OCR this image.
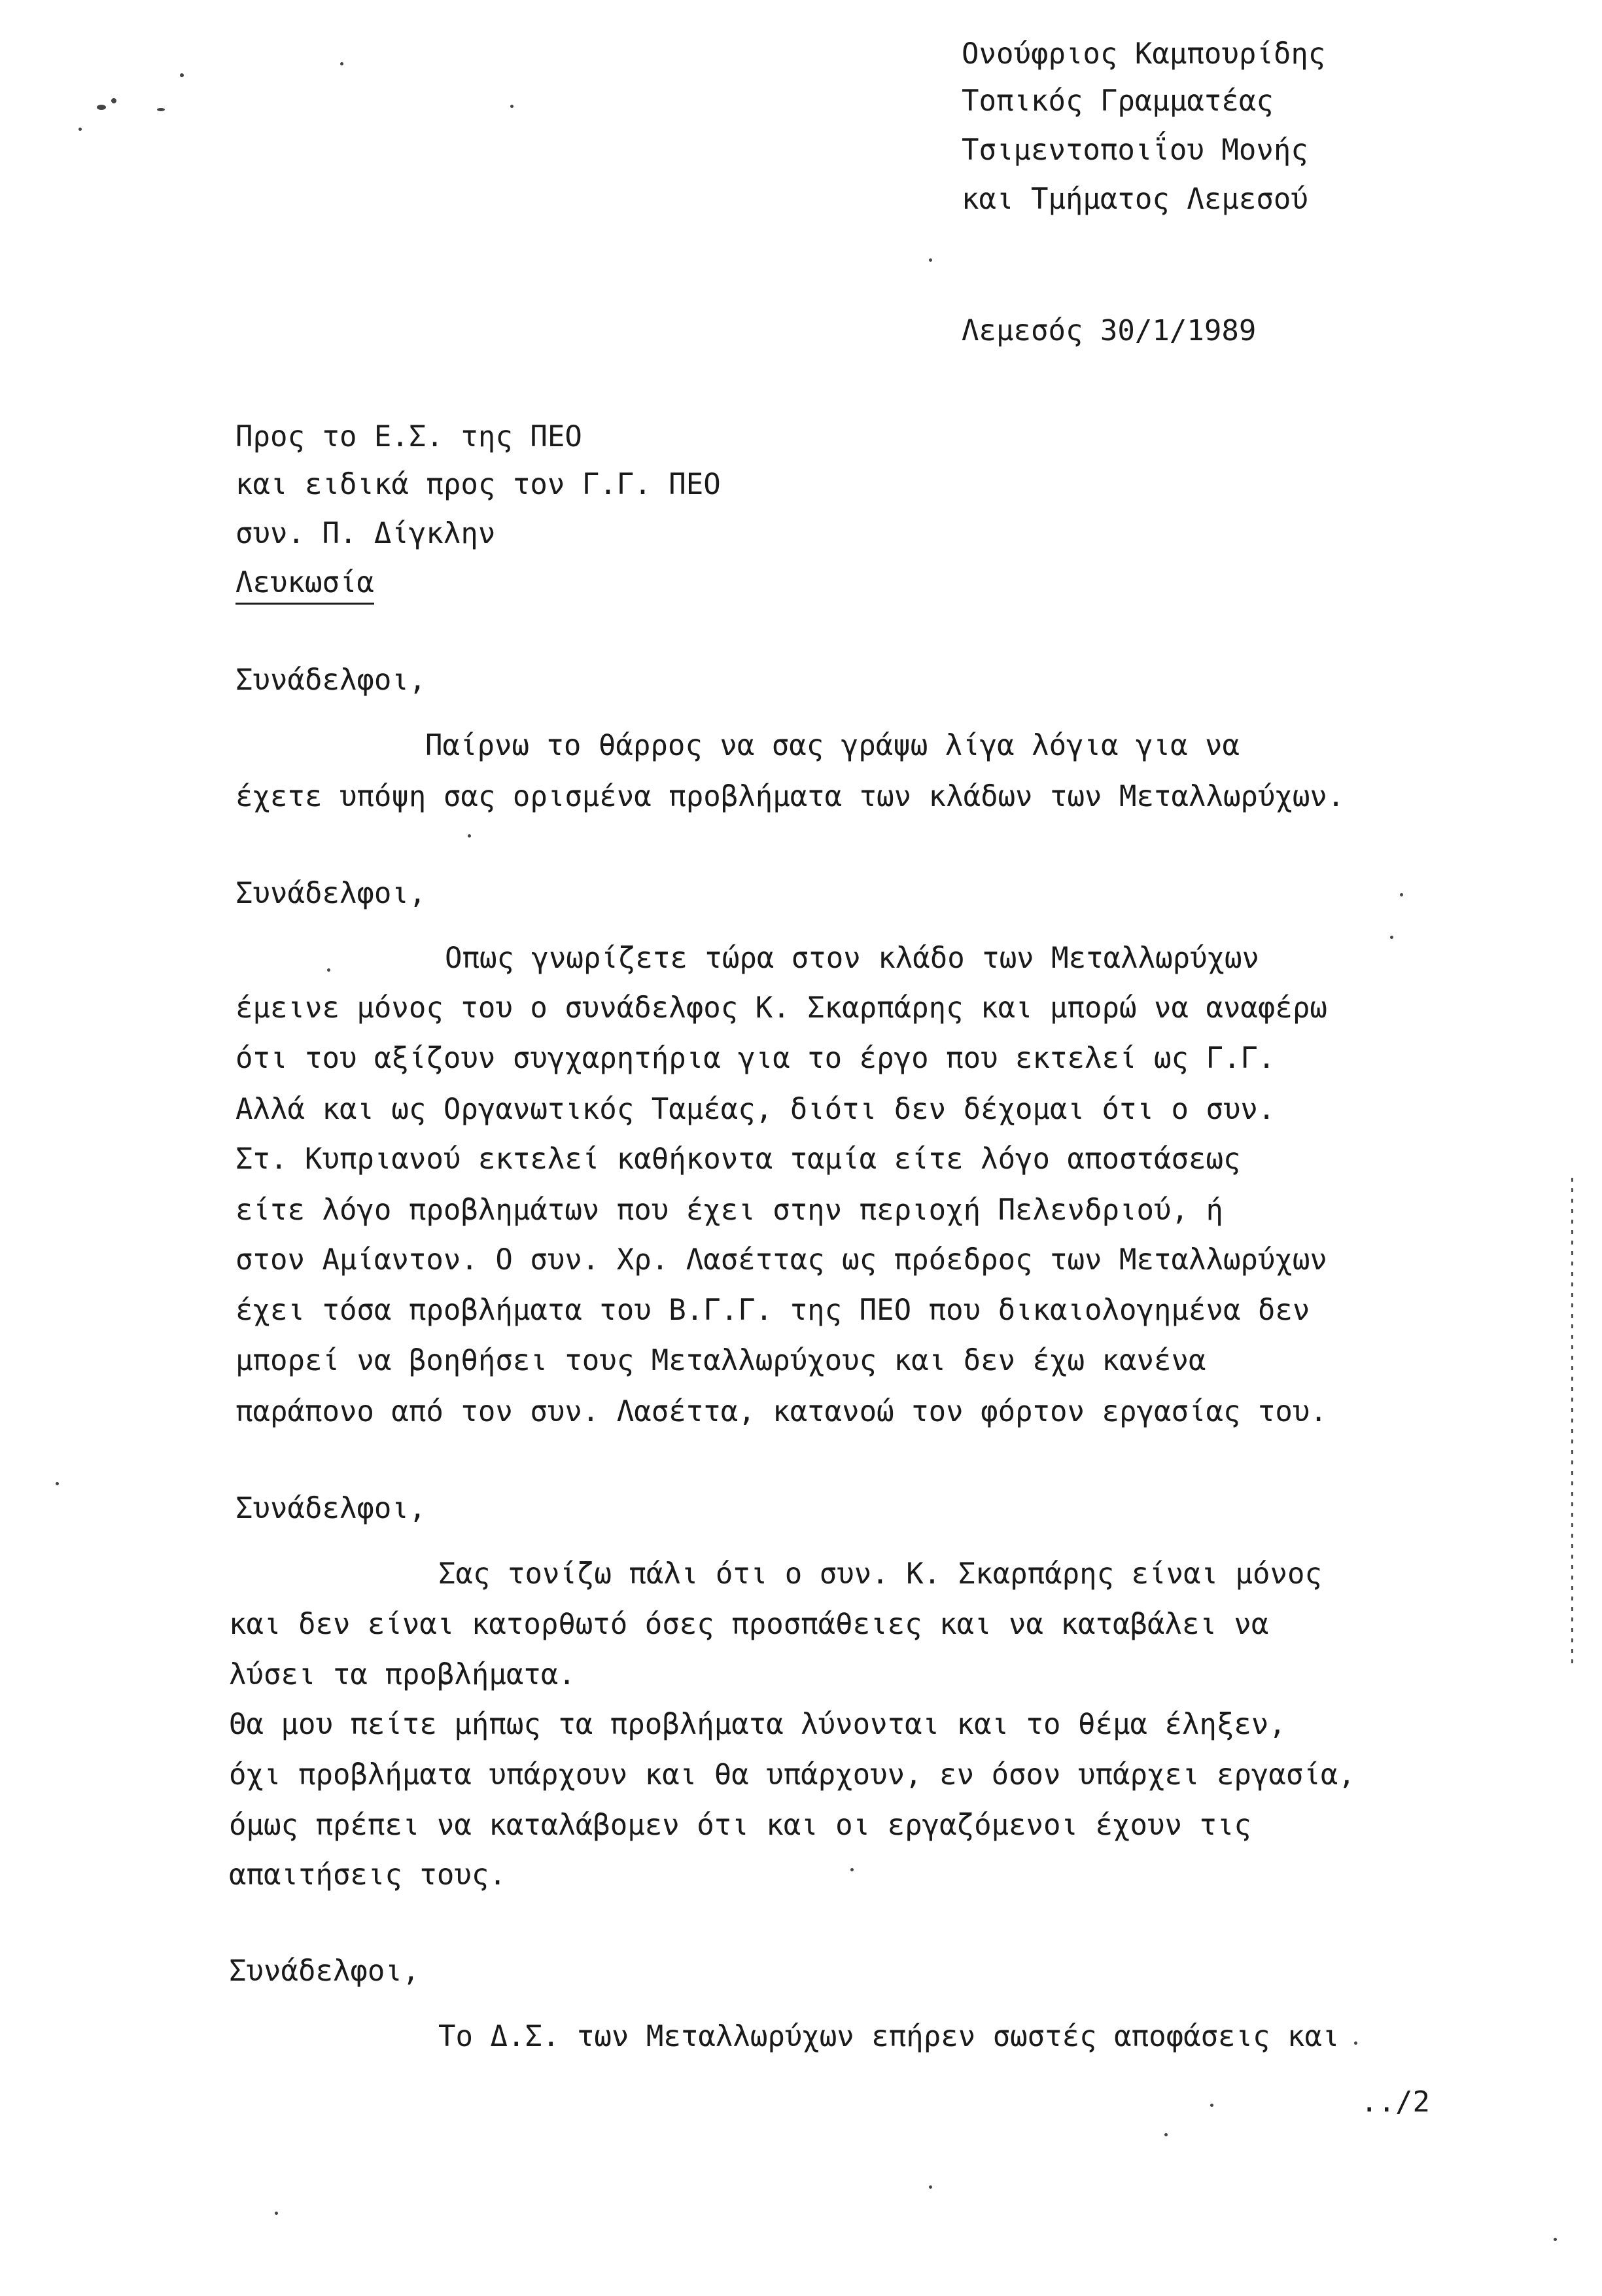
Ονούφριος Καμπουρίδης
Τοπικός Γραμματέας
Τσιμεντοποιΐου Μονής
και Τμήματος Λεμεσού
Λεμεσός 30/1/1989
Προς το Ε.Σ. της ΠΕΟ
και ειδικά προς τον Γ.Γ. ΠΕΟ
συν. Π. Δίγκλην
Λευκωσία
Συνάδελφοι,
Παίρνω το θάρρος να σας γράψω λίγα λόγια για να
έχετε υπόψη σας ορισμένα προβλήματα των κλάδων των Μεταλλωρύχων.
Συνάδελφοι,
Οπως γνωρίζετε τώρα στον κλάδο των Μεταλλωρύχων
έμεινε μόνος του ο συνάδελφος Κ. Σκαρπάρης και μπορώ να αναφέρω
ότι του αξίζουν συγχαρητήρια για το έργο που εκτελεί ως Γ.Γ.
Αλλά και ως Οργανωτικός Ταμέας, διότι δεν δέχομαι ότι ο συν.
Στ. Κυπριανού εκτελεί καθήκοντα ταμία είτε λόγο αποστάσεως
είτε λόγο προβλημάτων που έχει στην περιοχή Πελενδριού, ή
στον Αμίαντον. Ο συν. Χρ. Λασέττας ως πρόεδρος των Μεταλλωρύχων
έχει τόσα προβλήματα του Β.Γ.Γ. της ΠΕΟ που δικαιολογημένα δεν
μπορεί να βοηθήσει τους Μεταλλωρύχους και δεν έχω κανένα
παράπονο από τον συν. Λασέττα, κατανοώ τον φόρτον εργασίας του.
Συνάδελφοι,
Σας τονίζω πάλι ότι ο συν. Κ. Σκαρπάρης είναι μόνος
και δεν είναι κατορθωτό όσες προσπάθειες και να καταβάλει να
λύσει τα προβλήματα.
Θα μου πείτε μήπως τα προβλήματα λύνονται και το θέμα έληξεν,
όχι προβλήματα υπάρχουν και θα υπάρχουν, εν όσον υπάρχει εργασία,
όμως πρέπει να καταλάβομεν ότι και οι εργαζόμενοι έχουν τις
απαιτήσεις τους.
Συνάδελφοι,
Το Δ.Σ. των Μεταλλωρύχων επήρεν σωστές αποφάσεις και
../2
